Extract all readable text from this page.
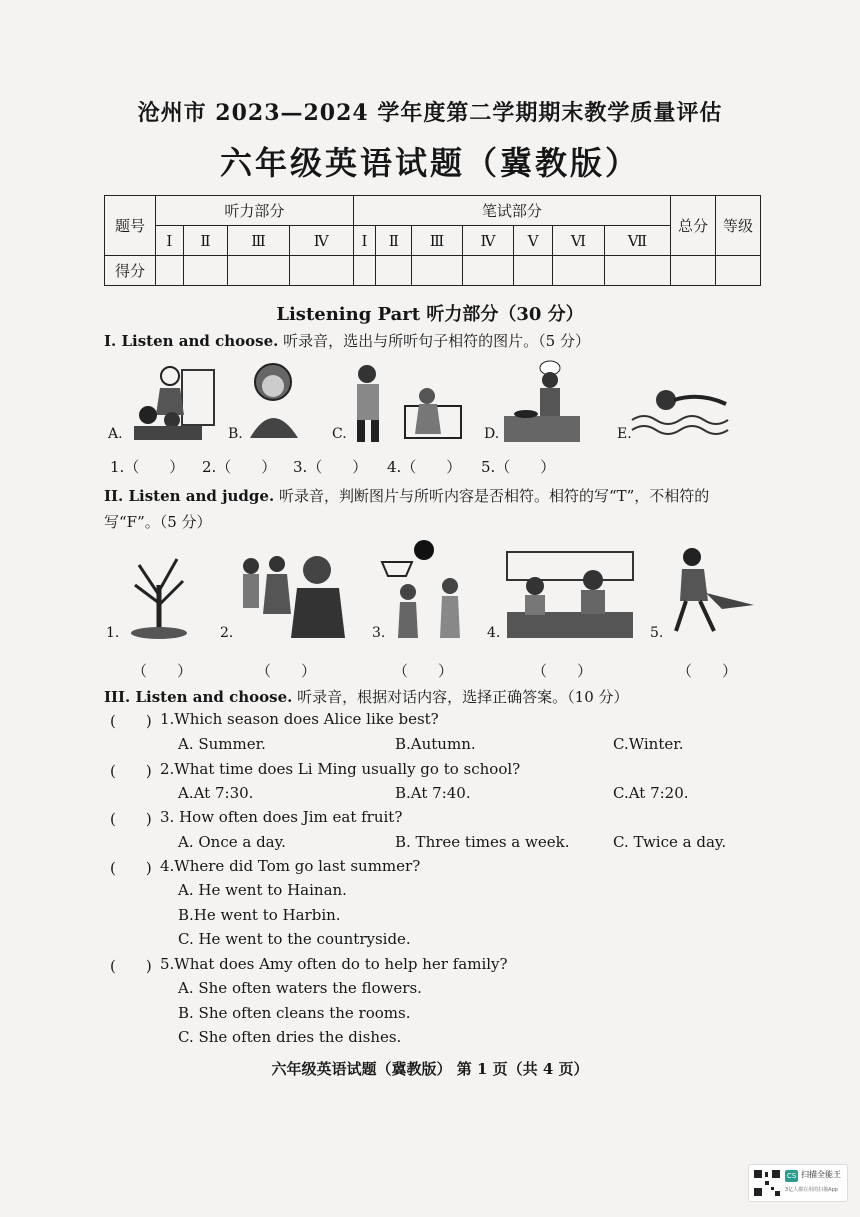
沧州市 2023—2024 学年度第二学期期末教学质量评估
六年级英语试题（冀教版）
题号	听力部分				笔试部分							总分	等级
	Ⅰ	Ⅱ	Ⅲ	Ⅳ	Ⅰ	Ⅱ	Ⅲ	Ⅳ	Ⅴ	Ⅵ	Ⅶ		
得分													
Listening Part 听力部分（30 分）
I. Listen and choose. 听录音，选出与所听句子相符的图片。（5 分）
A.	B.	C.	D.	E.
1.（　　） 2.（　　） 3.（　　） 4.（　　） 5.（　　）
II. Listen and judge. 听录音，判断图片与所听内容是否相符。相符的写“T”，不相符的写“F”。（5 分）
1.	2.	3.	4.	5.
（　　）	（　　）	（　　）	（　　）	（　　）
III. Listen and choose. 听录音，根据对话内容，选择正确答案。（10 分）
(　　) 1.Which season does Alice like best?
A. Summer.	B.Autumn.	C.Winter.
(　　) 2.What time does Li Ming usually go to school?
A.At 7:30.	B.At 7:40.	C.At 7:20.
(　　) 3. How often does Jim eat fruit?
A. Once a day.	B. Three times a week.	C. Twice a day.
(　　) 4.Where did Tom go last summer?
A. He went to Hainan.
B.He went to Harbin.
C. He went to the countryside.
(　　) 5.What does Amy often do to help her family?
A. She often waters the flowers.
B. She often cleans the rooms.
C. She often dries the dishes.
六年级英语试题（冀教版） 第 1 页（共 4 页）
CS 扫描全能王
3亿人都在用的扫描App
